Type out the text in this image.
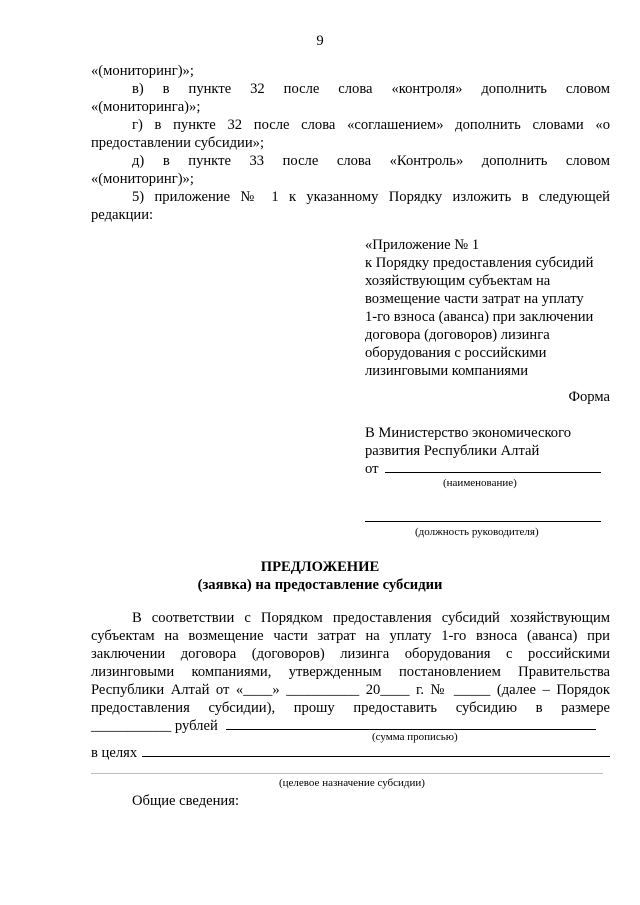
9
«(мониторинг)»;
в) в пункте 32 после слова «контроля» дополнить словом
«(мониторинга)»;
г) в пункте 32 после слова «соглашением» дополнить словами «о
предоставлении субсидии»;
д) в пункте 33 после слова «Контроль» дополнить словом
«(мониторинг)»;
5) приложение № 1 к указанному Порядку изложить в следующей
редакции:
«Приложение № 1
к Порядку предоставления субсидий
хозяйствующим субъектам на
возмещение части затрат на уплату
1-го взноса (аванса) при заключении
договора (договоров) лизинга
оборудования с российскими
лизинговыми компаниями
Форма
В Министерство экономического
развития Республики Алтай
от
(наименование)
(должность руководителя)
ПРЕДЛОЖЕНИЕ
(заявка) на предоставление субсидии
В соответствии с Порядком предоставления субсидий хозяйствующим
субъектам на возмещение части затрат на уплату 1-го взноса (аванса) при
заключении договора (договоров) лизинга оборудования с российскими
лизинговыми компаниями, утвержденным постановлением Правительства
Республики Алтай от «____» __________ 20____ г. № _____ (далее – Порядок
предоставления субсидии), прошу предоставить субсидию в размере
___________ рублей
(сумма прописью)
в целях
(целевое назначение субсидии)
Общие сведения:
